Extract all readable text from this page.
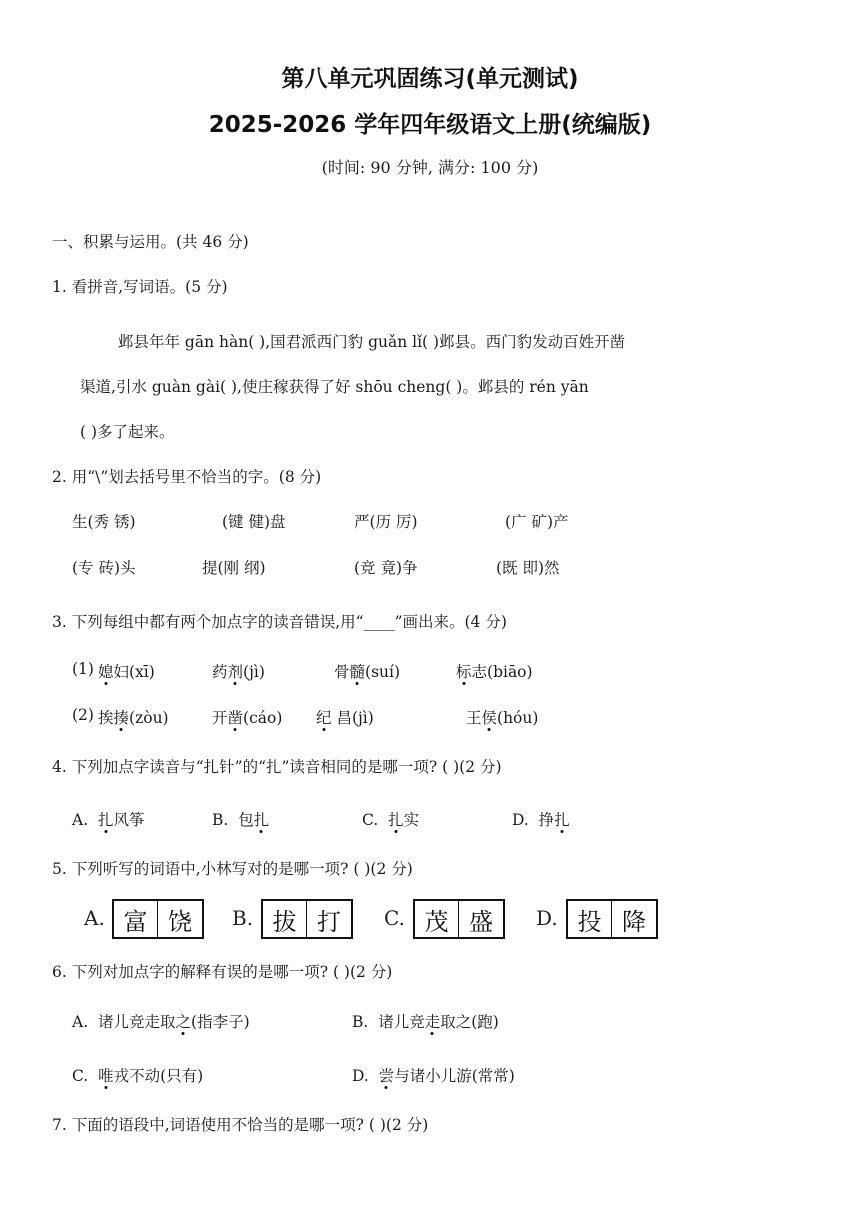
第八单元巩固练习(单元测试)
2025-2026 学年四年级语文上册(统编版)
(时间: 90 分钟, 满分: 100 分)
一、积累与运用。(共 46 分)
1. 看拼音,写词语。(5 分)
邺县年年 gān hàn( ),国君派西门豹 guǎn lǐ( )邺县。西门豹发动百姓开凿
渠道,引水 guàn gài( ),使庄稼获得了好 shōu cheng( )。邺县的 rén yān
( )多了起来。
2. 用“\”划去括号里不恰当的字。(8 分)
生(秀 锈)	(键 健)盘	严(历 厉)	(广 矿)产
(专 砖)头	提(刚 纲)	(竞 竟)争	(既 即)然
3. 下列每组中都有两个加点字的读音错误,用“____”画出来。(4 分)
(1) 媳妇(xī)	药剂(jì)	骨髓(suí)	标志(biāo)
(2) 挨揍(zòu)	开凿(cáo) 纪 昌(jì)	王侯(hóu)
4. 下列加点字读音与“扎针”的“扎”读音相同的是哪一项? ( )(2 分)
A. 扎风筝	B. 包扎	C. 扎实	D. 挣扎
5. 下列听写的词语中,小林写对的是哪一项? ( )(2 分)
A. 富 饶	B. 拔 打	C. 茂 盛	D. 投 降
6. 下列对加点字的解释有误的是哪一项? ( )(2 分)
A. 诸儿竞走取之(指李子)	B. 诸儿竞走取之(跑)
C. 唯戎不动(只有)	D. 尝与诸小儿游(常常)
7. 下面的语段中,词语使用不恰当的是哪一项? ( )(2 分)
